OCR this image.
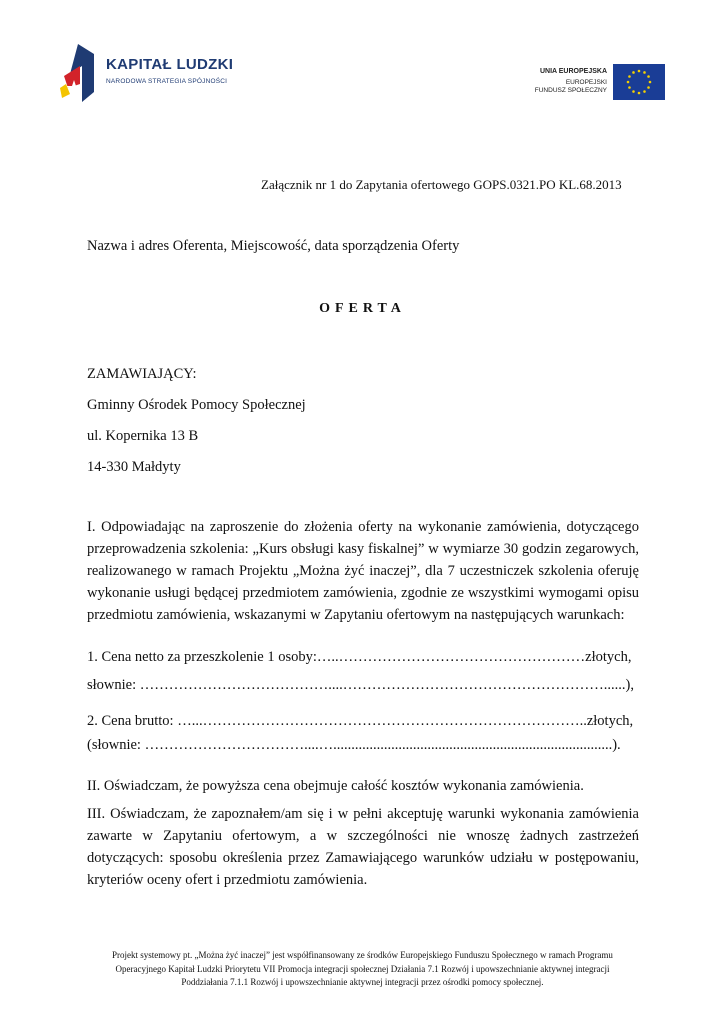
KAPITAŁ LUDZKI
NARODOWA STRATEGIA SPÓJNOŚCI
UNIA EUROPEJSKA
EUROPEJSKI
FUNDUSZ SPOŁECZNY
Załącznik nr 1 do Zapytania ofertowego GOPS.0321.PO KL.68.2013
Nazwa i adres Oferenta, Miejscowość, data sporządzenia Oferty
OFERTA
ZAMAWIAJĄCY:
Gminny Ośrodek Pomocy Społecznej
ul. Kopernika 13 B
14-330 Małdyty
I. Odpowiadając na zaproszenie do złożenia oferty na wykonanie zamówienia, dotyczącego przeprowadzenia szkolenia: „Kurs obsługi kasy fiskalnej” w wymiarze 30 godzin zegarowych, realizowanego w ramach Projektu „Można żyć inaczej”, dla 7 uczestniczek szkolenia oferuję wykonanie usługi będącej przedmiotem zamówienia, zgodnie ze wszystkimi wymogami opisu przedmiotu zamówienia, wskazanymi w Zapytaniu ofertowym na następujących warunkach:
1. Cena netto za przeszkolenie 1 osoby:…..……………………………………………złotych,
słownie: …………………………………....………………………………………………......),
2. Cena brutto: …...……………………………………………………………………..złotych,
(słownie: ……………………………....….............................................................................).
II. Oświadczam, że powyższa cena obejmuje całość kosztów wykonania zamówienia.
III. Oświadczam, że zapoznałem/am się i w pełni akceptuję warunki wykonania zamówienia zawarte w Zapytaniu ofertowym, a w szczególności nie wnoszę żadnych zastrzeżeń dotyczących: sposobu określenia przez Zamawiającego warunków udziału w postępowaniu, kryteriów oceny ofert i przedmiotu zamówienia.
Projekt systemowy pt. „Można żyć inaczej” jest współfinansowany ze środków Europejskiego Funduszu Społecznego w ramach Programu
Operacyjnego Kapitał Ludzki Priorytetu VII Promocja integracji społecznej Działania 7.1 Rozwój i upowszechnianie aktywnej integracji
Poddziałania 7.1.1 Rozwój i upowszechnianie aktywnej integracji przez ośrodki pomocy społecznej.
